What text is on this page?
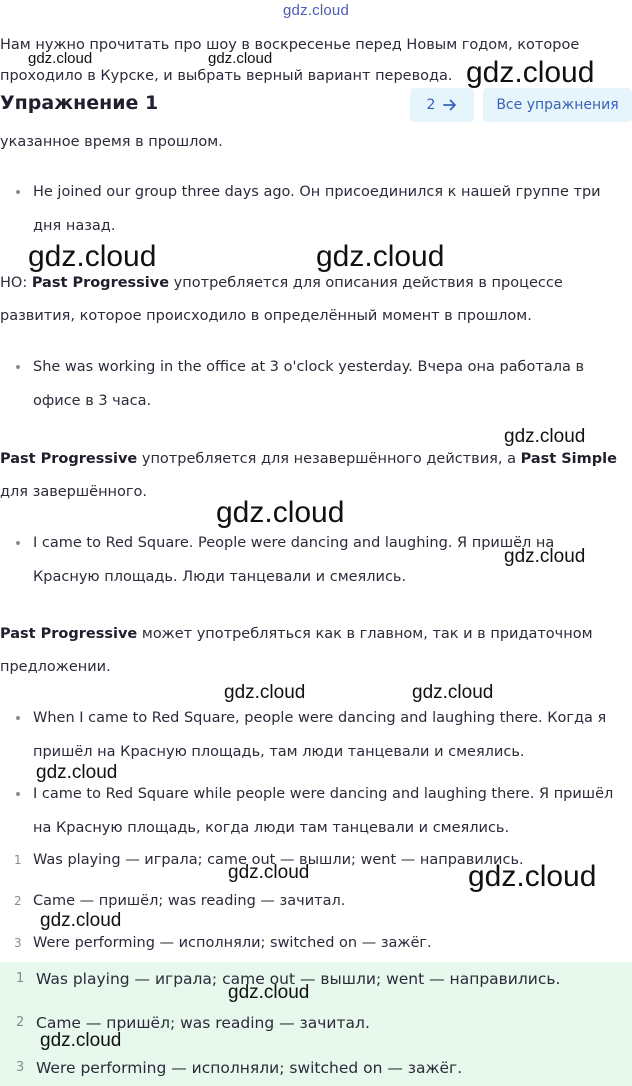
gdz.cloud
Нам нужно прочитать про шоу в воскресенье перед Новым годом, которое проходило в Курске, и выбрать верный вариант перевода.
Упражнение 1	2	Все упражнения
указанное время в прошлом.
He joined our group three days ago. Он присоединился к нашей группе три дня назад.
НО: Past Progressive употребляется для описания действия в процессе развития, которое происходило в определённый момент в прошлом.
She was working in the office at 3 o'clock yesterday. Вчера она работала в офисе в 3 часа.
Past Progressive употребляется для незавершённого действия, а Past Simple для завершённого.
I came to Red Square. People were dancing and laughing. Я пришёл на Красную площадь. Люди танцевали и смеялись.
Past Progressive может употребляться как в главном, так и в придаточном предложении.
When I came to Red Square, people were dancing and laughing there. Когда я пришёл на Красную площадь, там люди танцевали и смеялись.
I came to Red Square while people were dancing and laughing there. Я пришёл на Красную площадь, когда люди там танцевали и смеялись.
1 Was playing — играла; came out — вышли; went — направились.
2 Came — пришёл; was reading — зачитал.
3 Were performing — исполняли; switched on — зажёг.
1 Was playing — играла; came out — вышли; went — направились.
2 Came — пришёл; was reading — зачитал.
3 Were performing — исполняли; switched on — зажёг.
gdz.cloud	gdz.cloud	gdz.cloud
gdz.cloud	gdz.cloud
gdz.cloud
gdz.cloud
gdz.cloud
gdz.cloud	gdz.cloud
gdz.cloud
gdz.cloud	gdz.cloud
gdz.cloud
gdz.cloud
gdz.cloud
